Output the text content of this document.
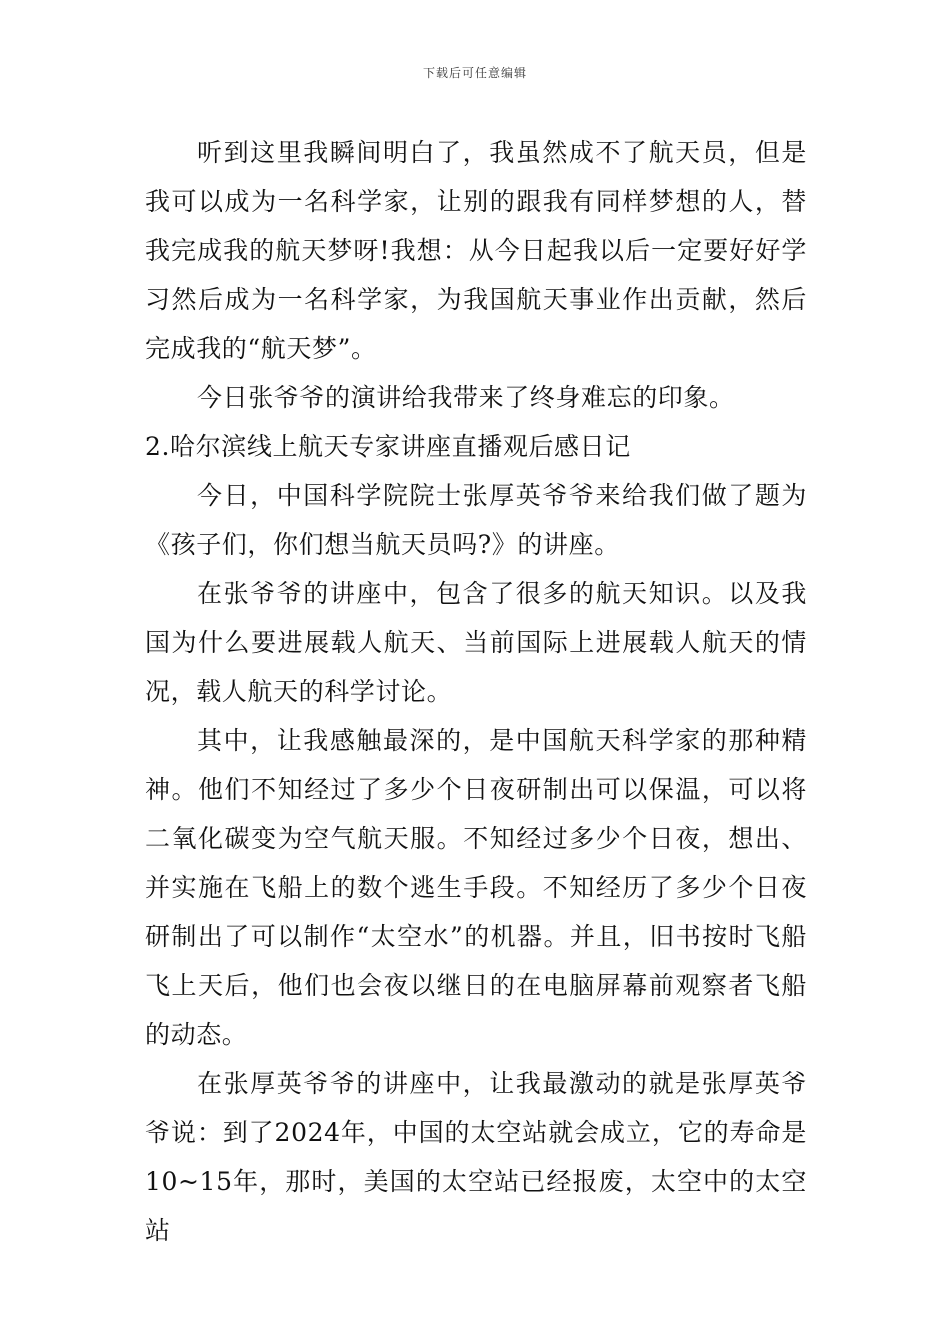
下载后可任意编辑

听到这里我瞬间明白了，我虽然成不了航天员，但是我可以成为一名科学家，让别的跟我有同样梦想的人，替我完成我的航天梦呀!我想：从今日起我以后一定要好好学习然后成为一名科学家，为我国航天事业作出贡献，然后完成我的“航天梦”。

今日张爷爷的演讲给我带来了终身难忘的印象。

2.哈尔滨线上航天专家讲座直播观后感日记

今日，中国科学院院士张厚英爷爷来给我们做了题为《孩子们，你们想当航天员吗?》的讲座。

在张爷爷的讲座中，包含了很多的航天知识。以及我国为什么要进展载人航天、当前国际上进展载人航天的情况，载人航天的科学讨论。

其中，让我感触最深的，是中国航天科学家的那种精神。他们不知经过了多少个日夜研制出可以保温，可以将二氧化碳变为空气航天服。不知经过多少个日夜，想出、并实施在飞船上的数个逃生手段。不知经历了多少个日夜研制出了可以制作“太空水”的机器。并且，旧书按时飞船飞上天后，他们也会夜以继日的在电脑屏幕前观察者飞船的动态。

在张厚英爷爷的讲座中，让我最激动的就是张厚英爷爷说：到了2024年，中国的太空站就会成立，它的寿命是10~15年，那时，美国的太空站已经报废，太空中的太空站
